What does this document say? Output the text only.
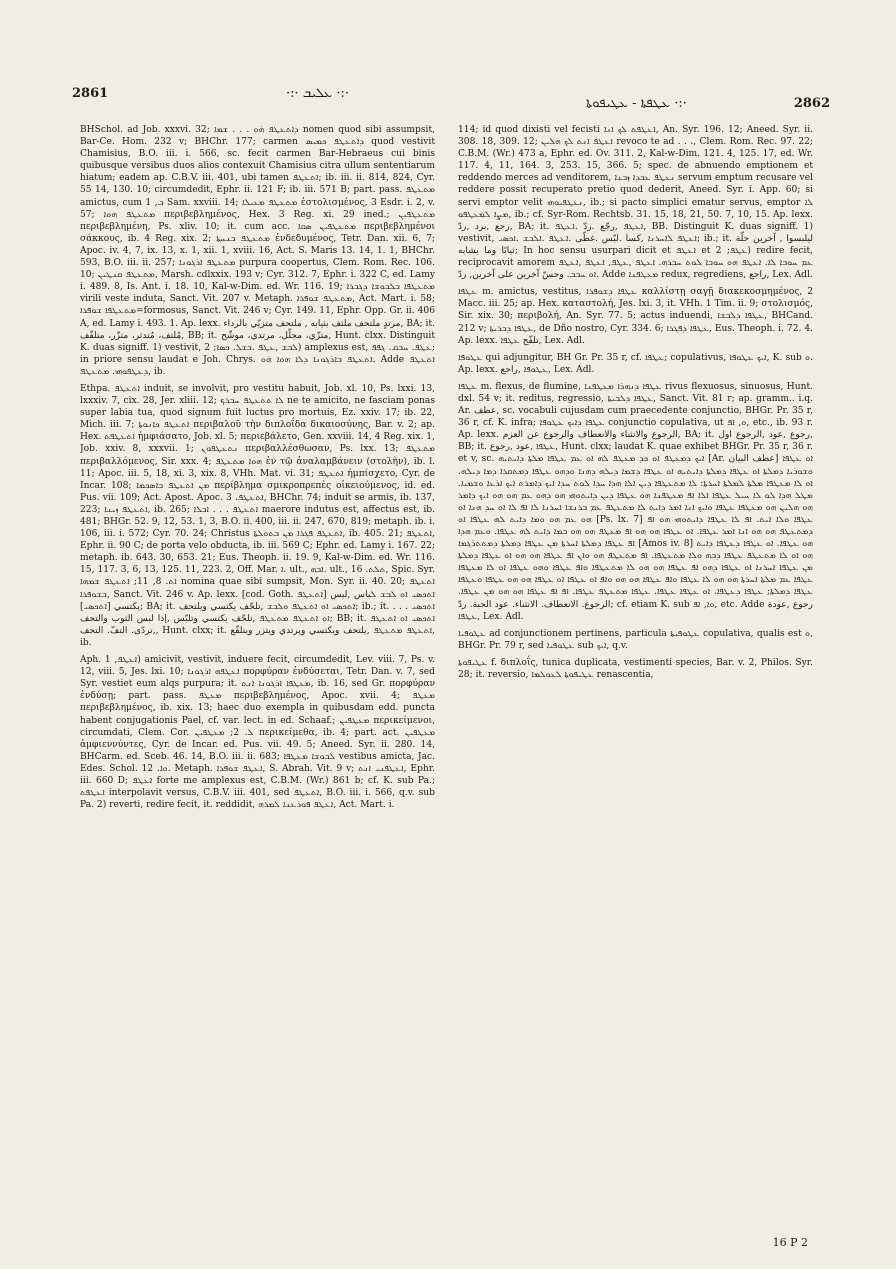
2861	·:· ܥܠܝܒ ·:·
·:· ܥܛܦܬܐ - ܥܛܝܦܘܬܐ	2862

BHSchol. ad Job. xxxvi. 32; ܕܐܬܥܛܦ ܗ̇ܘ . . . ܫܡܐ nomen quod sibi assumpsit, Bar-Ce. Hom. 232 v; BHChr. 177; carmen ܕܐܬܥܛܦ ܟܡܝܣ quod vestivit Chamisius, B.O. iii. i. 566, sc. fecit carmen Bar-Hebraeus cui binis quibusque versibus duos alios contexuit Chamisius citra ullum sententiarum hiatum; eadem ap. C.B.V. iii. 401, ubi tamen ܐܬܥܛܦ; ib. iii. ii. 814, 824, Cyr. 55 14, 130. 10; circumdedit, Ephr. ii. 121 F; ib. iii. 571 B; part. pass. ܡܬܥܛܦ amictus, cum ܒ, 1 Sam. xxviii. 14; ܡܬܥܛܦ ܡܥܝܠܐ ἐστολισμένος, 3 Esdr. i. 2, v. 57; ܡܬܥܛܦ ܗܘܐ περιβεβλημένος, Hex. 3 Reg. xi. 29 ined.; ܡܬܥܛܦܝܢ περιβεβλημένη, Ps. xliv. 10; it. cum acc. ܡܬܥܛܦܝܢ ܣܩܐ περιβεβλημένοι σάκκους, ib. 4 Reg. xix. 2; ܡܬܥܛܦ ܒܢܚܬܐ ἐνδεδυμένος, Tetr. Dan. xii. 6, 7; Apoc. iv. 4, 7, ix. 13, x. 1, xii. 1, xviii. 16, Act. S. Maris 13. 14, 1. 1, BHChr. 593, B.O. iii. ii. 257; ܡܬܥܛܦ ܐܪܓܘܢܐ purpura coopertus, Clem. Rom. Rec. 106. 10; ܡܬܥܛܦ ܩܢܛܝܢ, Marsh. cdlxxix. 193 v; Cyr. 312. 7, Ephr. i. 322 C, ed. Lamy i. 489. 8, Is. Ant. i. 18. 10, Kal-w-Dim. ed. Wr. 116. 19; ܡܬܥܛܦܐ ܒܠܒܘܫܐ ܕܓܒܪܐ virili veste induta, Sanct. Vit. 207 v. Metaph. ܡܬܥܛܦ ܫܘܦܪܐ, Act. Mart. i. 58; ܡܬܥܛܦܐ ܫܘܦܪܐ=formosus, Sanct. Vit. 246 v; Cyr. 149. 11, Ephr. Opp. Gr. ii. 406 A, ed. Lamy i. 493. 1. Ap. lexx. مرتدٍ ملتحف ملتف بثيابه , ملتحف متزيّي بالرداء, BA; it. مُلتف، مُتدثر، متزّر، متلفّف, BB; it. متزّي، مجلّل، مرتدي، موشّح, Hunt. clxx. Distinguit K. duas signiff. 1) vestivit, ܠܒܫ ,ܥܛܦ .ܒܫܠ. ܟܣܐ; 2) amplexus est, ܥܛܦ. ܚܒܩ. ܓܦܦ; in priore sensu laudat e Joh. Chrys. ܐܬܥܛܦ ܒܐܪܓܘܢܐ ܕܠܐ ܗܘܐ ܗ̇ܘ. Adde ܐܬܥܛܦ ܕܥܛܦܘܗܝ. ܡܬܥܛܦ, ib.

Ethpa. ܐܬܥܛܦ induit, se involvit, pro vestitu habuit, Job. xl. 10, Ps. lxxi. 13, lxxxiv. 7, cix. 28, Jer. xliii. 12; ܠܐ ܬܬܥܛܦ ܚܒܪܟ ne te amicito, ne fasciam ponas super labia tua, quod signum fuit luctus pro mortuis, Ez. xxiv. 17; ib. 22, Mich. iii. 7; ܐܬܥܛܦ ܟܐܢܘܬܐ περιβαλοῦ τὴν διπλοΐδα δικαιοσύνης, Bar. v. 2; ap. Hex. ܐܬܥܛܦܬ ἠμφιάσατο, Job. xl. 5; περιεβάλετο, Gen. xxviii. 14, 4 Reg. xix. 1, Job. xxiv. 8, xxxvii. 1; ܢܬܥܛܦܘܢ περιβαλλέσθωσαν, Ps. lxx. 13; ܡܬܥܛܦ περιβαλλόμενος, Sir. xxx. 4; ܗܘܐ ܡܬܥܛܦ ἐν τῷ ἀναλαμβάνειν (στολὴν), ib. l. 11; Apoc. iii. 5, 18, xi. 3, xix. 8, VHh. Mat. vi. 31; ܐܬܥܛܦ ἠμπίσχετο, Cyr. de Incar. 108; ܡܢ ܐܬܥܛܦ ܒܐܣܟܡܐ περίβλημα σμικροπρεπὲς οἰκειούμενος, id. ed. Pus. vii. 109; Act. Apost. Apoc. ܐܬܥܛܦ. 3, BHChr. 74; induit se armis, ib. 137, 223; ܐܬܥܛܦ ܙܝܢܐ, ib. 265; ܐܬܥܛܦ . . . ܐܒܠܐ maerore indutus est, affectus est, ib. 481; BHGr. 52. 9, 12, 53. 1, 3, B.O. ii. 400, iii. ii. 247, 670, 819; metaph. ib. i. 106, iii. i. 572; Cyr. 70. 24; Christus ܐܬܥܛܦ ܦܓܪܐ ܡܢ ܒܬܘܠܬܐ, ib. 405. 21; ܐܬܥܛܦ, Ephr. ii. 90 C; de porta velo obducta, ib. iii. 569 C; Ephr. ed. Lamy i. 167. 22; metaph. ib. 643. 30, 653. 21; Eus. Theoph. ii. 19. 9, Kal-w-Dim. ed. Wr. 116. 15, 117. 3, 6, 13, 125. 11, 223. 2, Off. Mar. ܐ. ult., ܐܒܗ. ult., ܬܠܬ. 16, Spic. Syr. ܐܬ. 8, 11; ܐܬܥܛܦ ܫܡܗܐ nomina quae sibi sumpsit, Mon. Syr. ii. 40. 20; ܐܬܥܛܦ ܒܫܘܦܪܐ, Sanct. Vit. 246 v. Ap. lexx. [cod. Goth. ܐܬܥܛܦ] ܐܬܟܣܝ ܐܘ ܠܒܫ ܠباس ,لبس يكتسي [ܐܬܟܣܝ]; BA; it. ܐܬܟܣܝ ܐܘ ܐܬܥܛܦ ܘܠܒܫ ,تلحّف يكتسي ويلتحف; ib.; it. . . . ܐܬܟܣܝ ܐܘ ܐܬܥܛܦ ܡܬܥܛܦ ,تلحّف يكتسي وتلبّس ,إذا لبس الثوب والتحف; BB; it. ܐܬܟܣܝ ܐܘ ܐܬܥܛܦ ,تردّى. التفّ. التحف, Hunt. clxx; it. ܐܬܥܛܦ ܡܬܥܛܦ ,يلتحف ويكتسي ويرتدي ويتزر ويتلفّع, ib.

Aph. ܐܥܛܦ, 1) amicivit, vestivit, induere fecit, circumdedit, Lev. viii. 7, Ps. v. 12, viii. 5, Jes. lxi. 10; ܐܥܛܦܗ ܐܪܓܘܢܐ πορφύραν ἐνδύσεται, Tetr. Dan. v. 7, sed Syr. vestiet eum alqs purpura; it. ܡܥܛܦܐ ܐܪܓܘܢܐ ܐܢܬ, ib. 16, sed Gr. πορφύραν ἐνδύσῃ; part. pass. ܡܥܛܦ περιβεβλημένος, Apoc. xvii. 4; ܡܥܛܦ περιβεβλημένος, ib. xix. 13; haec duo exempla in quibusdam edd. puncta habent conjugationis Pael, cf. var. lect. in ed. Schaaf.; ܡܥܛܦܝܢ περικείμενοι, circumdati, Clem. Cor. ܠ. 2; ܡܥܛܦܝܢ περικείμεθα, ib. 4; part. act. ܡܥܛܦܝܢ ἀμφιεννύντες, Cyr. de Incar. ed. Pus. vii. 49. 5; Aneed. Syr. ii. 280. 14, BHCarm. ed. Sceb. 46. 14, B.O. iii. ii. 683; ܠܒܘܫܐ ܡܥܛܦܐ vestibus amicta, Jac. Edes. Schol. ܘܐ. 12. Metaph. ܐܥܛܦ ܫܘܦܪܐ, S. Abrah. Vit. 9 v; ܐܥܛܦܢܝ ܐܢܬ, Ephr. iii. 660 D; ܐܥܛܦ forte me amplexus est, C.B.M. (Wr.) 861 b; cf. K. sub Pa.; ܐܥܛܦܬ interpolavit versus, C.B.V. iii. 401, sed ܐܬܥܛܦ, B.O. iii. i. 566, q.v. sub Pa. 2) reverti, redire fecit, it. reddidit, ܐܥܛܦ ܦܘܪܥܢܐ ܠܡܪܗ, Act. Mart. i.

114; id quod dixisti vel fecisti ܐܥܛܦܬ ܠܟ ܐܢܐ, An. Syr. 196. 12; Aneed. Syr. ii. 308. 18, 309. 12; ܐܥܛܦ ܐܢܬ ܠܟ ܗܠܝܢ revoco te ad . . ., Clem. Rom. Rec. 97. 22; C.B.M. (Wr.) 473 a, Ephr. ed. Ov. 311. 2, Kal-w-Dim. 121. 4, 125. 17, ed. Wr. 117. 4, 11, 164. 3, 253. 15, 366. 5; spec. de abnuendo emptionem et reddendo merces ad venditorem, ܢܥܛܦ ܥܒܕܐ ܙܒܢܐ servum emptum recusare vel reddere possit recuperato pretio quod dederit, Aneed. Syr. i. App. 60; si servi emptor velit ܢܥܛܦܝܘܗܝ, ib.; si pacto simplici ematur servus, emptor ܠܐ ܡܨܐ ܠܡܥܛܦܘ, ib.; cf. Syr-Rom. Rechtsb. 31. 15, 18, 21, 50. 7, 10, 15. Ap. lexx. رجع ,برد ,ردّ, BA; it. ܐܥܛܦ ,رجّع .ردّ .ܐܥܛܦ, BB. Distinguit K. duas signiff. 1) vestivit, ܐܥܛܦ ܠܐܚܪܢܐ ,كسا .لبّس .غطّى .ܐܥܛܦ .ܐܠܒܫ .ܐܟܣܝ; ib.; it. ليلبسوا , آخرين حلّة ثيابًا وما يشابه; In hoc sensu usurpari dicit et ܐܥܛܦ et ܥܛܦ; 2) redire fecit, reciprocavit amorem ܥܡ ܚܘܒܐ ܠܐ. ܐܥܛܦ ܗܘ ܚܘܒܐ ܠܘܬ ܚܒܪܗ. ܐܥܛܦ ,ܥܛܦ, ܐܥܛܦ ,ܐܥܛܦ ܐܘ ܚܒܒ. وحسّ آخرين على آخرين, ردّ. Adde ܡܥܛܦܢܐ redux, regrediens, راجع, Lex. Adl.

ܥܛܦܐ m. amictus, vestitus, ܥܛܦܐ ܕܫܘܦܪܐ καλλίστῃ σαγῇ διακεκοσμημένος, 2 Macc. iii. 25; ap. Hex. καταστολή, Jes. lxi. 3, it. VHh. 1 Tim. ii. 9; στολισμός, Sir. xix. 30; περιβολή, An. Syr. 77. 5; actus induendi, ܥܛܦܐ ܕܠܒܫܐ, BHCand. 212 v; ܥܛܦܐ ܕܒܪܝܬܐ, de Dño nostro, Cyr. 334. 6; ܥܛܦܐ ܕܦܓܪܐ, Eus. Theoph. i. 72. 4. Ap. lexx. تلفّح ܥܛܦܐ, Lex. Adl.

ܥܛܘܦܐ qui adjungitur, BH Gr. Pr. 35 r, cf. ܥܛܦܐ; copulativus, ܐܝܟ ܥܛܘܦܐ, K. sub ܘ. Ap. lexx. ܥܛܘܦܐ ,راجع, Lex. Adl.

ܥܛܦܐ m. flexus, de flumine, ܥܛܦܐ ܕܢܗܪܐ ܡܥܛܦܢܐ rivus flexuosus, sinuosus, Hunt. dxl. 54 v; it. reditus, regressio, ܥܛܦܐ ܕܠܒܝܬܐ, Sanct. Vit. 81 r; ap. gramm.. i.q. Ar. عطف, sc. vocabuli cujusdam cum praecedente conjunctio, BHGr. Pr. 35 r, 36 r, cf. K. infra; ܥܛܦܐ ܕܐܝܟ ܥܛܘܦܐ conjunctio copulativa, ut ܘ, ܐܦ, etc., ib. 93 r. Ap. lexx. الرجوع والانثناء والانعطاف والرجوع عن العزم, BA; it. رجوع ,عود ,الرجوع اول, BB; it. ܥܛܦܐ ,عود ,رجوع, Hunt. clxx; laudat K. quae exhibet BHGr. Pr. 35 r, 36 r. et v, sc. ܐܝܟ ܕܡܥܛܦ ܐܘ ܟܕ ܡܥܛܦ ܠܗ ܐܘ ܥܡ ܥܛܦܐ ܡܠܬܐ ܕܐܝܬܝܗ [Ar. عطف البيان] ܐܘ ܥܛܦܐ ܘܫܘܪܝܐ ܕܡܠܬܐ ܐܘ ܥܛܦܐ ܕܡܠܬܐ ܕܐܝܬܝܗ ܐܘ ܥܛܦܐ ܕܫܡܐ ܕܝܠܗ ܕܗܢܐ ܘܕܗܘ ܥܛܦܐ ܕܡܬܩܪܐ ܕܡܐ ܕܝܠܗ. ܐܘ ܠܐ ܡܥܛܦܐ ܡܠܬܐ ܠܡܠܬܐ ܐܚܪܬܐ: ܠܐ ܡܬܥܛܦܐ ܕܝܢ ܐܠܐ ܗܕܐ ܚܕܐ ܠܘܬ ܚܕܐ ܐܝܟ ܕܐܡܪܬ ܐܝܟ ܐܪܥܐ ܘܫܡܝܐ. ܡܛܠ ܗܕܐ ܠܘ ܠܐ ܚܝܠ ܥܛܦܐ ܐܠܐ ܐܦ ܡܥܛܦܢܐ ܗܘ ܥܛܦܐ ܕܝܢ ܕܐܝܬܘܗܝ ܗܘ ܕܗܘ ܥܡ ܗܘ ܗܘ ܐܝܟ ܕܐܡܪ ܗܘ ܗܠܝܢ ܗܘ ܡܥܛܦܐ ܥܛܦܐ ܘܐܝܟ ܐܢܐ ܐܡܪ ܕܐܝܬ ܠܐ ܡܬܥܛܦ ܥܡ ܒܪܢܫܐ ܐܚܪܢܐ ܠܐ ܐܦ ܠܐ ܐܘ ܚܕ ܗܢܐ ܐܘ ܗܘ ܥܡ ܗܘ ܘܡܐ ܕܐܝܬ ܠܗ ܥܛܦܐ ܐܘ [Ps. lx. 7] ܥܛܦܐ ܘܠܐ ܐܝܬ. ܐܦ ܠܐ ܥܛܦܐ ܕܐܝܬܘܗܝ ܗܘ ܐܦ ܕܡܬܥܛܦ ܗܘ ܗܘ ܐܢܐ ܐܡܪ ܥܛܦܐ. ܐܘ ܥܛܦܐ ܗܘ ܗܘ ܐܦ ܡܥܛܦ ܗܘ ܗܘ ܒܡܐ ܕܐܝܬ ܠܗ ܥܛܦܐ. ܘܥܡ ܗܕܐ ܐܦ ܥܛܦܐ ܕܡܠܬܐ ܐܚܪܬܐ ܡܢ ܥܛܦܐ ܕܡܠܬܐ ܕܡܬܬܪܓܡܐ [Amos iv. 8] ܗܘ ܥܛܦܐ. ܐܘ ܥܛܦܐ ܕܥܛܦܐ ܕܐܝܬ ܗܘ ܐܘ ܠܐ ܡܬܥܛܦ ܥܛܦܐ ܕܒܗ ܘܠܐ ܡܬܥܛܦܐ. ܐܦ ܡܬܥܛܦ ܗܘ ܘܐܢ ܐܦ ܥܛܦܐ ܗܘ ܗܘ ܐܘ ܥܛܦܐ ܕܡܠܬܐ ܡܢ ܥܛܦܐ ܐܚܪܢܐ ܐܘ ܥܛܦܐ ܕܗܘ ܐܦ ܥܛܦܐ ܗܘ ܗܘ ܠܐ ܡܬܥܛܦܐ ܘܐܦ ܥܛܦܐ ܘܗܘ ܥܛܦܐ ܐܘ ܠܐ ܡܥܛܦܐ ܥܛܦܐ ܥܡ ܡܠܬܐ ܐܚܪܬܐ ܗܘ ܗܘ ܠܐ ܥܛܦܐ ܘܐܦ ܥܛܦܐ ܗܘ ܗܘ ܘܐܦ ܐܘ ܥܛܦܐ ܐܘ ܥܛܦܐ ܗܘ ܗܘ ܥܛܦܐ ܘܥܛܦܐ ܥܛܦܐ ܕܡܠܬܐ; ܥܛܦܐ ܕܥܛܦܐ. ܐܘ ܥܛܦܐ ܥܛܦܐ. ܥܛܦܐ ܡܬܥܛܦ ܥܛܦܐ. ܐܦ ܐܦ ܥܛܦܐ ܗܘ ܗܘ ܡܢ ܥܛܦܐ. الرجوع. الانعطاف. الانثناء. عود الحبة. ردّ; cf. etiam K. sub ܘܐ, ܐܦ, etc. Adde رجوع ,عودة ܥܛܦܐ, Lex. Adl.

ܥܛܘܦܝܐ ad conjunctionem pertinens, particula ܥܛܘܦܝܬܐ copulativa, qualis est ܘ, BHGr. Pr. 79 r, sed ܥܛܘܦܝܐ sub ܐܝܟ, q.v.

ܥܛܝܦܘܬܐ f. διπλοΐς, tunica duplicata, vestimenti species, Bar. v. 2, Philos. Syr. 28; it. reversio, ܥܛܝܦܘܬܐ ܠܥܘܠܡܐ renascentia,

16 P 2
